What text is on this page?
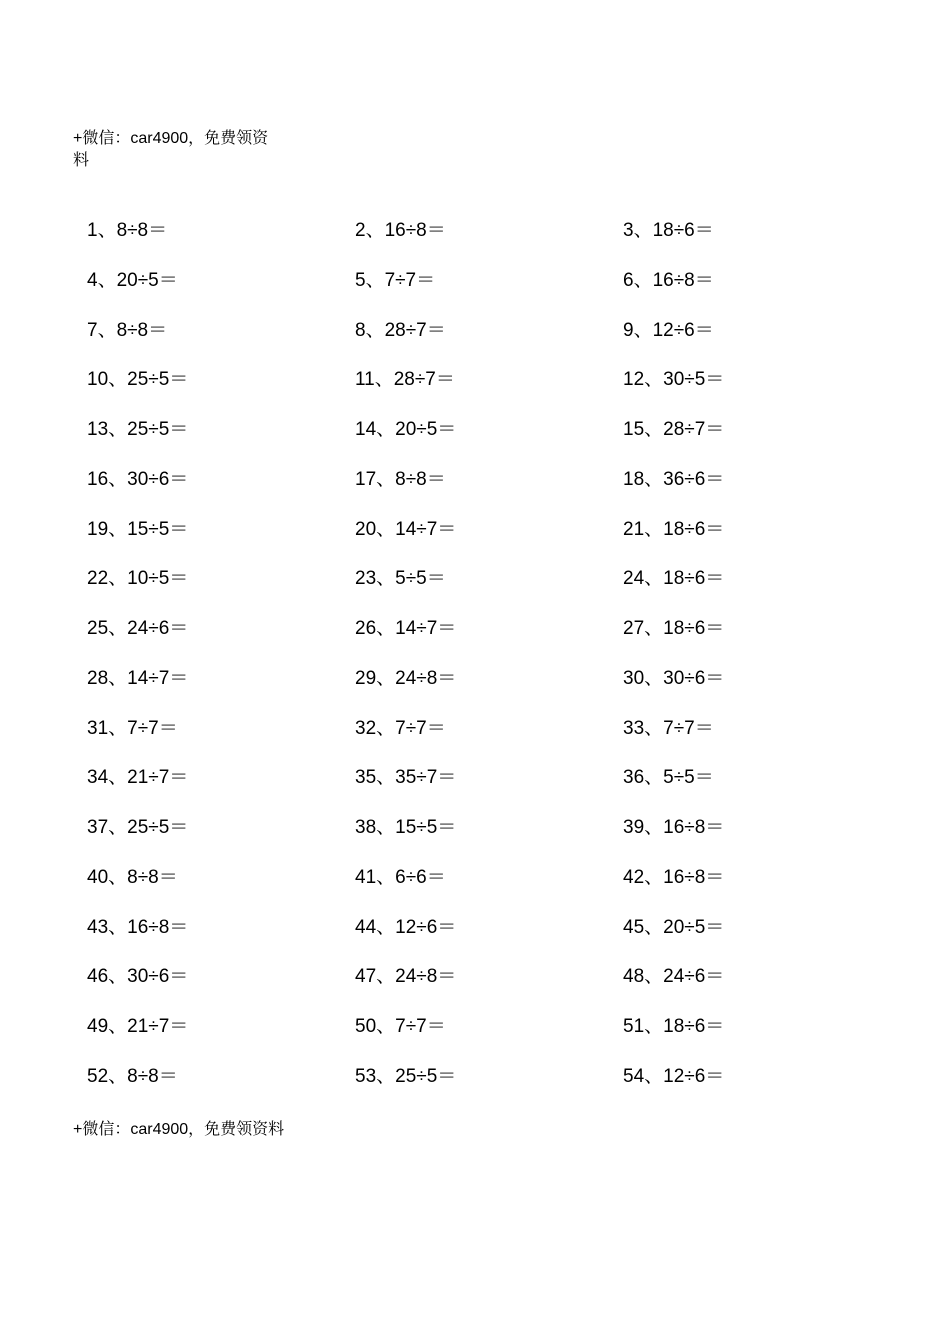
+微信：car4900，免费领资料
1、8÷8＝	2、16÷8＝	3、18÷6＝
4、20÷5＝	5、7÷7＝	6、16÷8＝
7、8÷8＝	8、28÷7＝	9、12÷6＝
10、25÷5＝	11、28÷7＝	12、30÷5＝
13、25÷5＝	14、20÷5＝	15、28÷7＝
16、30÷6＝	17、8÷8＝	18、36÷6＝
19、15÷5＝	20、14÷7＝	21、18÷6＝
22、10÷5＝	23、5÷5＝	24、18÷6＝
25、24÷6＝	26、14÷7＝	27、18÷6＝
28、14÷7＝	29、24÷8＝	30、30÷6＝
31、7÷7＝	32、7÷7＝	33、7÷7＝
34、21÷7＝	35、35÷7＝	36、5÷5＝
37、25÷5＝	38、15÷5＝	39、16÷8＝
40、8÷8＝	41、6÷6＝	42、16÷8＝
43、16÷8＝	44、12÷6＝	45、20÷5＝
46、30÷6＝	47、24÷8＝	48、24÷6＝
49、21÷7＝	50、7÷7＝	51、18÷6＝
52、8÷8＝	53、25÷5＝	54、12÷6＝
+微信：car4900，免费领资料
